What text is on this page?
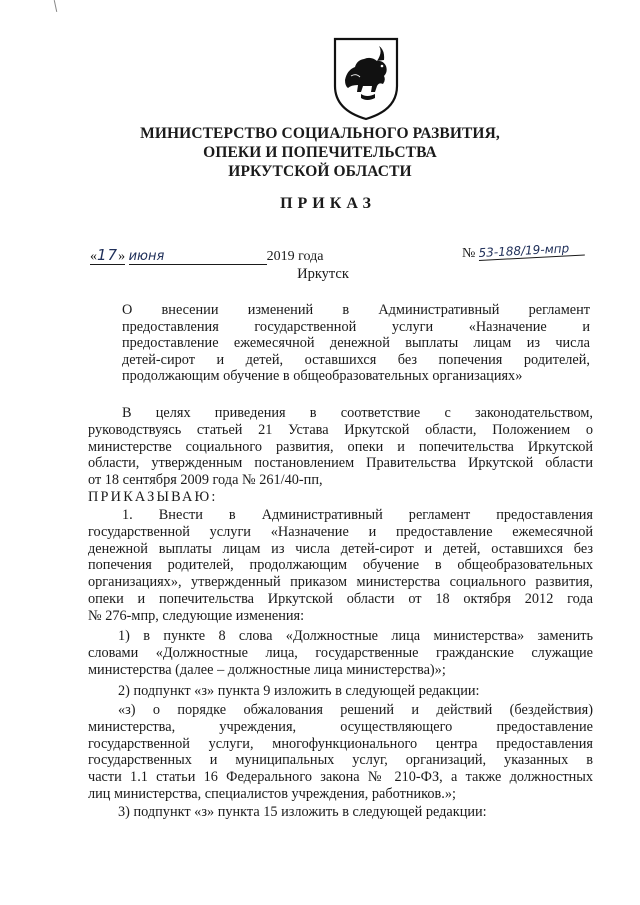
МИНИСТЕРСТВО СОЦИАЛЬНОГО РАЗВИТИЯ,
ОПЕКИ И ПОПЕЧИТЕЛЬСТВА
ИРКУТСКОЙ ОБЛАСТИ
ПРИКАЗ
«17» июня	2019 года	№ 53-188/19-мпр
Иркутск
О внесении изменений в Административный регламент
предоставления государственной услуги «Назначение и
предоставление ежемесячной денежной выплаты лицам из числа
детей-сирот и детей, оставшихся без попечения родителей,
продолжающим обучение в общеобразовательных организациях»
В целях приведения в соответствие с законодательством,
руководствуясь статьей 21 Устава Иркутской области, Положением о
министерстве социального развития, опеки и попечительства Иркутской
области, утвержденным постановлением Правительства Иркутской области
от 18 сентября 2009 года № 261/40-пп,
ПРИКАЗЫВАЮ:
1. Внести в Административный регламент предоставления
государственной услуги «Назначение и предоставление ежемесячной
денежной выплаты лицам из числа детей-сирот и детей, оставшихся без
попечения родителей, продолжающим обучение в общеобразовательных
организациях», утвержденный приказом министерства социального развития,
опеки и попечительства Иркутской области от 18 октября 2012 года
№ 276-мпр, следующие изменения:
1) в пункте 8 слова «Должностные лица министерства» заменить
словами «Должностные лица, государственные гражданские служащие
министерства (далее – должностные лица министерства)»;
2) подпункт «з» пункта 9 изложить в следующей редакции:
«з) о порядке обжалования решений и действий (бездействия)
министерства, учреждения, осуществляющего предоставление
государственной услуги, многофункционального центра предоставления
государственных и муниципальных услуг, организаций, указанных в
части 1.1 статьи 16 Федерального закона № 210-ФЗ, а также должностных
лиц министерства, специалистов учреждения, работников.»;
3) подпункт «з» пункта 15 изложить в следующей редакции:
